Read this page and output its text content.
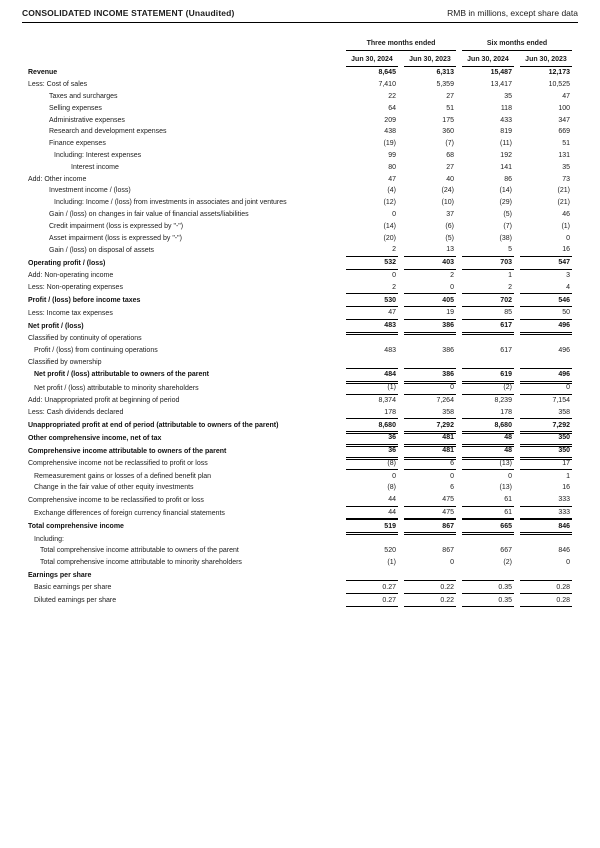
CONSOLIDATED INCOME STATEMENT (Unaudited)	RMB in millions, except share data
	Three months ended		Six months ended	
	Jun 30, 2024	Jun 30, 2023	Jun 30, 2024	Jun 30, 2023
Revenue	8,645	6,313	15,487	12,173
Less: Cost of sales	7,410	5,359	13,417	10,525
Taxes and surcharges	22	27	35	47
Selling expenses	64	51	118	100
Administrative expenses	209	175	433	347
Research and development expenses	438	360	819	669
Finance expenses	(19)	(7)	(11)	51
Including: Interest expenses	99	68	192	131
Interest income	80	27	141	35
Add: Other income	47	40	86	73
Investment income / (loss)	(4)	(24)	(14)	(21)
Including: Income / (loss) from investments in associates and joint ventures	(12)	(10)	(29)	(21)
Gain / (loss) on changes in fair value of financial assets/liabilities	0	37	(5)	46
Credit impairment (loss is expressed by "-")	(14)	(6)	(7)	(1)
Asset impairment (loss is expressed by "-")	(20)	(5)	(38)	0
Gain / (loss) on disposal of assets	2	13	5	16
Operating profit / (loss)	532	403	703	547
Add: Non-operating income	0	2	1	3
Less: Non-operating expenses	2	0	2	4
Profit / (loss) before income taxes	530	405	702	546
Less: Income tax expenses	47	19	85	50
Net profit / (loss)	483	386	617	496
Classified by continuity of operations				
Profit / (loss) from continuing operations	483	386	617	496
Classified by ownership				
Net profit / (loss) attributable to owners of the parent	484	386	619	496
Net profit / (loss) attributable to minority shareholders	(1)	0	(2)	0
Add: Unappropriated profit at beginning of period	8,374	7,264	8,239	7,154
Less: Cash dividends declared	178	358	178	358
Unappropriated profit at end of period (attributable to owners of the parent)	8,680	7,292	8,680	7,292
Other comprehensive income, net of tax	36	481	48	350
Comprehensive income attributable to owners of the parent	36	481	48	350
Comprehensive income not be reclassified to profit or loss	(8)	6	(13)	17
Remeasurement gains or losses of a defined benefit plan	0	0	0	1
Change in the fair value of other equity investments	(8)	6	(13)	16
Comprehensive income to be reclassified to profit or loss	44	475	61	333
Exchange differences of foreign currency financial statements	44	475	61	333
Total comprehensive income	519	867	665	846
Including:				
Total comprehensive income attributable to owners of the parent	520	867	667	846
Total comprehensive income attributable to minority shareholders	(1)	0	(2)	0
Earnings per share				
Basic earnings per share	0.27	0.22	0.35	0.28
Diluted earnings per share	0.27	0.22	0.35	0.28
